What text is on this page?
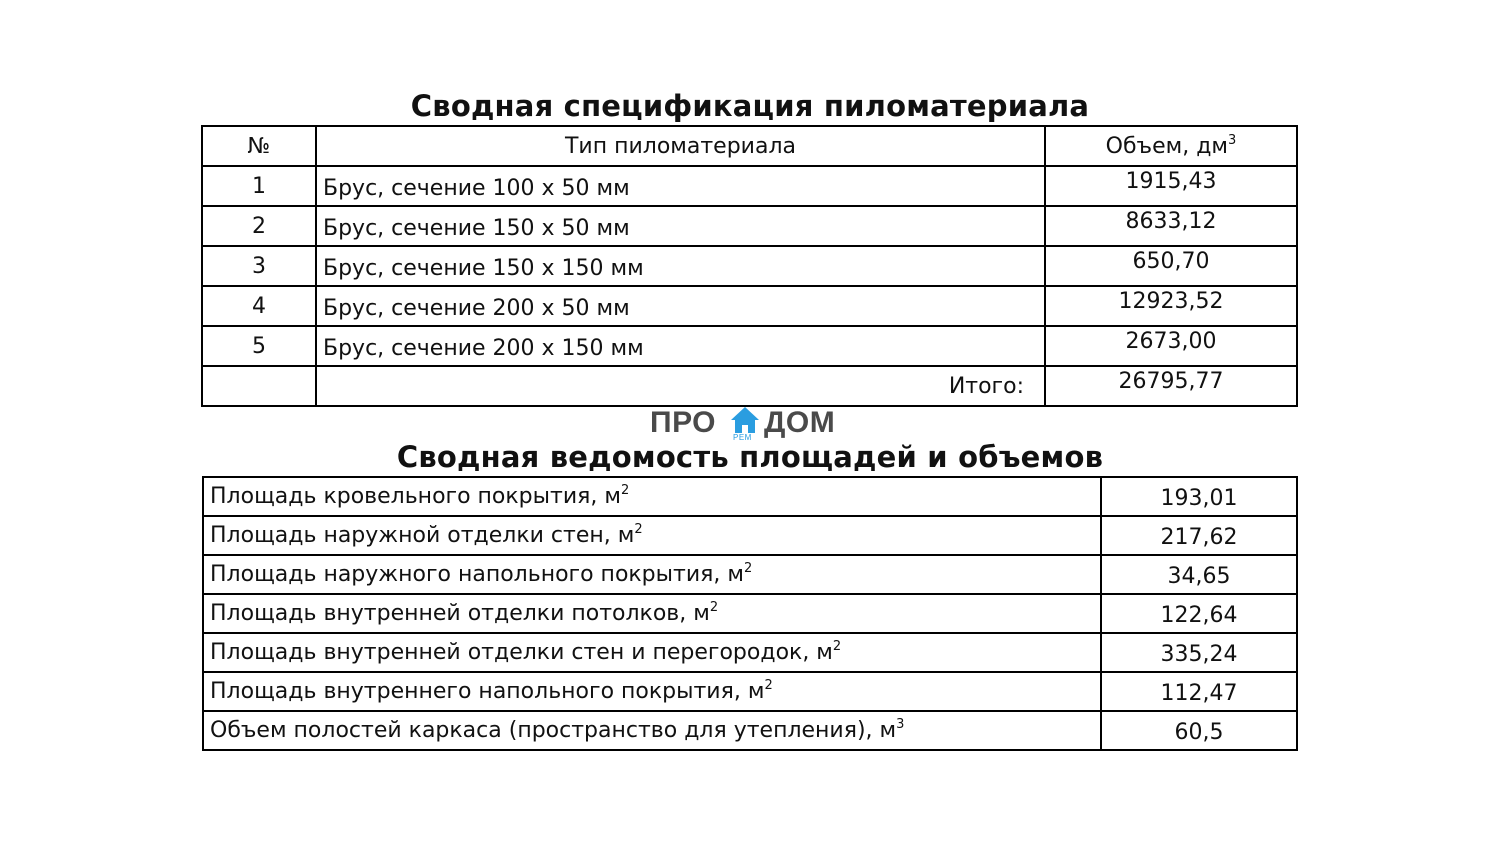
Сводная спецификация пиломатериала
№	Тип пиломатериала	Объем, $дм^3$
1	Брус, сечение 100 х 50 мм	1915,43
2	Брус, сечение 150 х 50 мм	8633,12
3	Брус, сечение 150 х 150 мм	650,70
4	Брус, сечение 200 х 50 мм	12923,52
5	Брус, сечение 200 х 150 мм	2673,00
	Итого:	26795,77
ПРО РЕМ ДОМ
Сводная ведомость площадей и объемов
Площадь кровельного покрытия, $м^2$	193,01
Площадь наружной отделки стен, $м^2$	217,62
Площадь наружного напольного покрытия, $м^2$	34,65
Площадь внутренней отделки потолков, $м^2$	122,64
Площадь внутренней отделки стен и перегородок, $м^2$	335,24
Площадь внутреннего напольного покрытия, $м^2$	112,47
Объем полостей каркаса (пространство для утепления), $м^3$	60,5
